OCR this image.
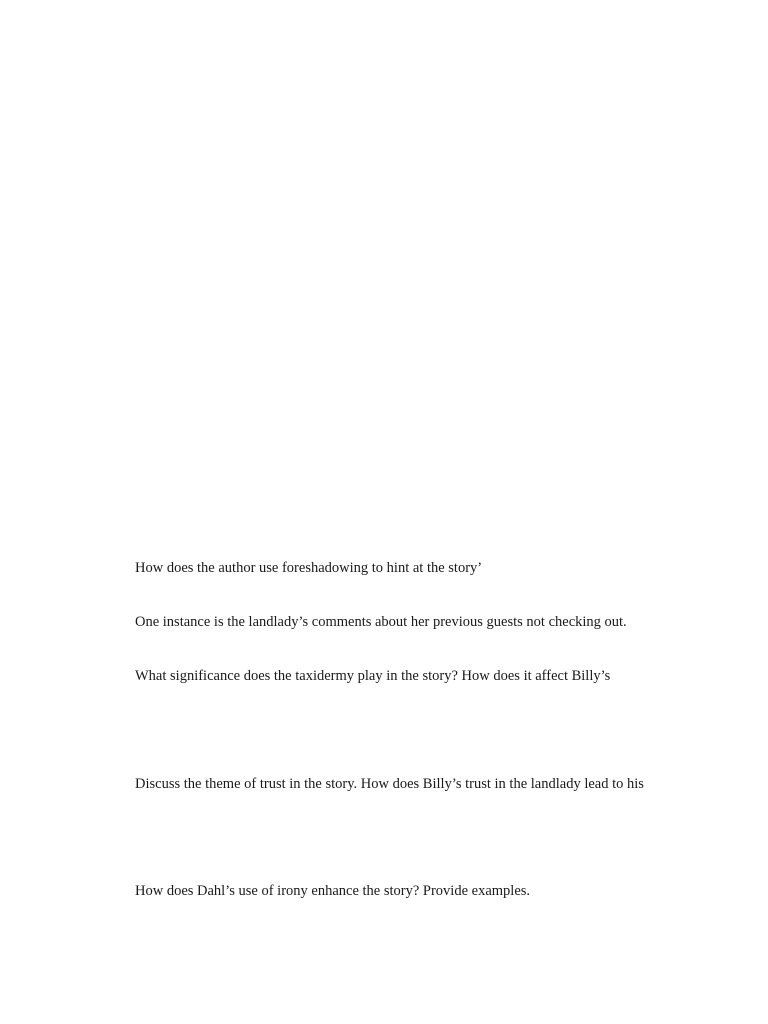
How does the author use foreshadowing to hint at the story’

One instance is the landlady’s comments about her previous guests not checking out.

What significance does the taxidermy play in the story? How does it affect Billy’s

Discuss the theme of trust in the story. How does Billy’s trust in the landlady lead to his

How does Dahl’s use of irony enhance the story? Provide examples.
